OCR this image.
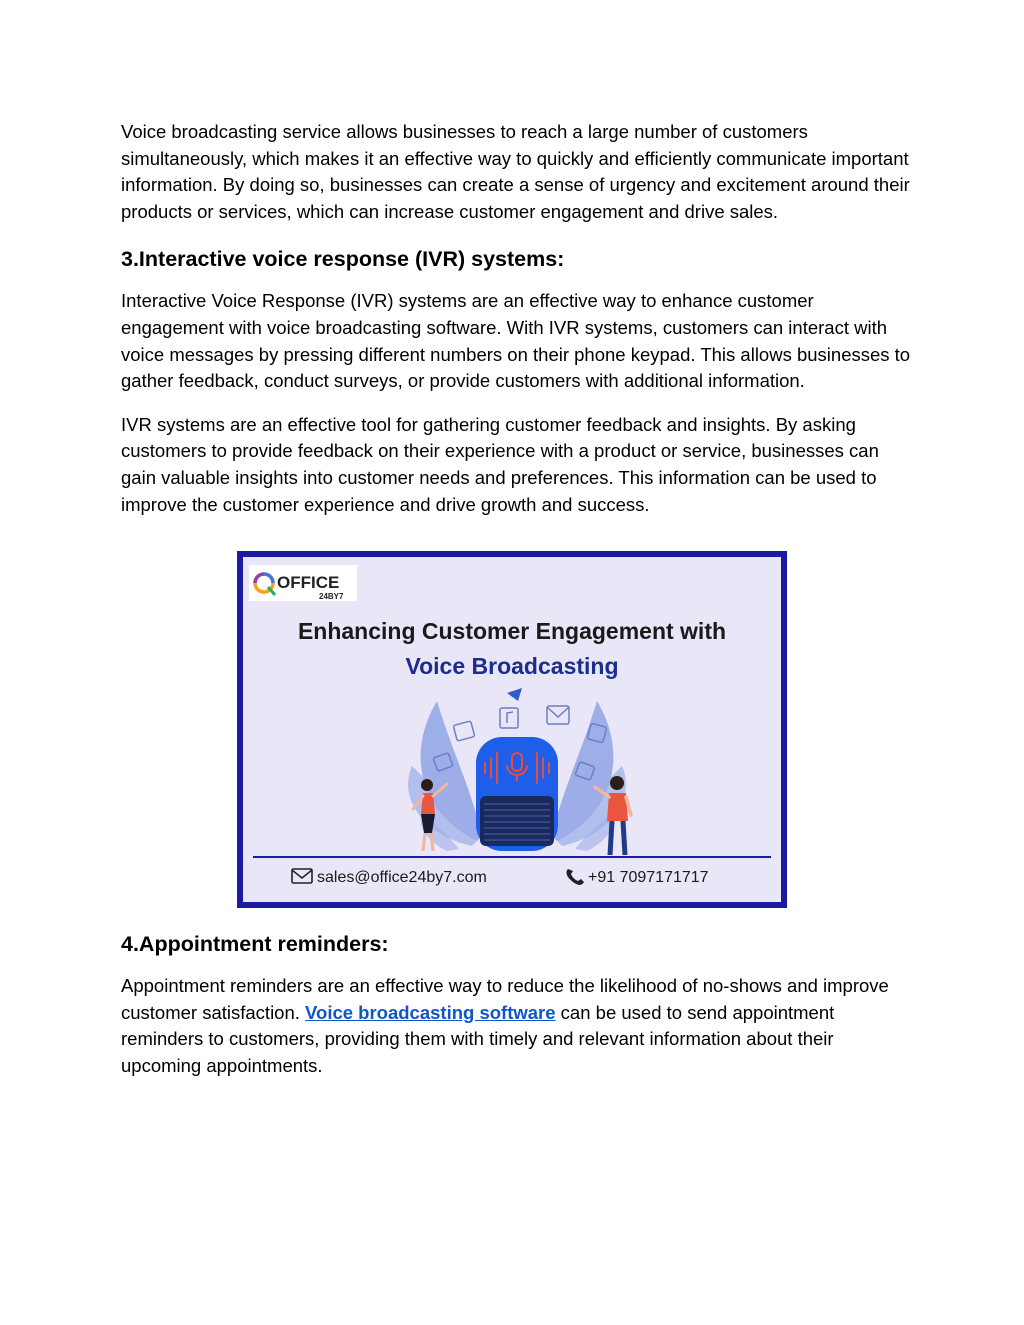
Voice broadcasting service allows businesses to reach a large number of customers simultaneously, which makes it an effective way to quickly and efficiently communicate important information. By doing so, businesses can create a sense of urgency and excitement around their products or services, which can increase customer engagement and drive sales.

3.Interactive voice response (IVR) systems:

Interactive Voice Response (IVR) systems are an effective way to enhance customer engagement with voice broadcasting software. With IVR systems, customers can interact with voice messages by pressing different numbers on their phone keypad. This allows businesses to gather feedback, conduct surveys, or provide customers with additional information.

IVR systems are an effective tool for gathering customer feedback and insights. By asking customers to provide feedback on their experience with a product or service, businesses can gain valuable insights into customer needs and preferences. This information can be used to improve the customer experience and drive growth and success.

OFFICE
24BY7
Enhancing Customer Engagement with
Voice Broadcasting
sales@office24by7.com	+91 7097171717
4.Appointment reminders:

Appointment reminders are an effective way to reduce the likelihood of no-shows and improve customer satisfaction. Voice broadcasting software can be used to send appointment reminders to customers, providing them with timely and relevant information about their upcoming appointments.
